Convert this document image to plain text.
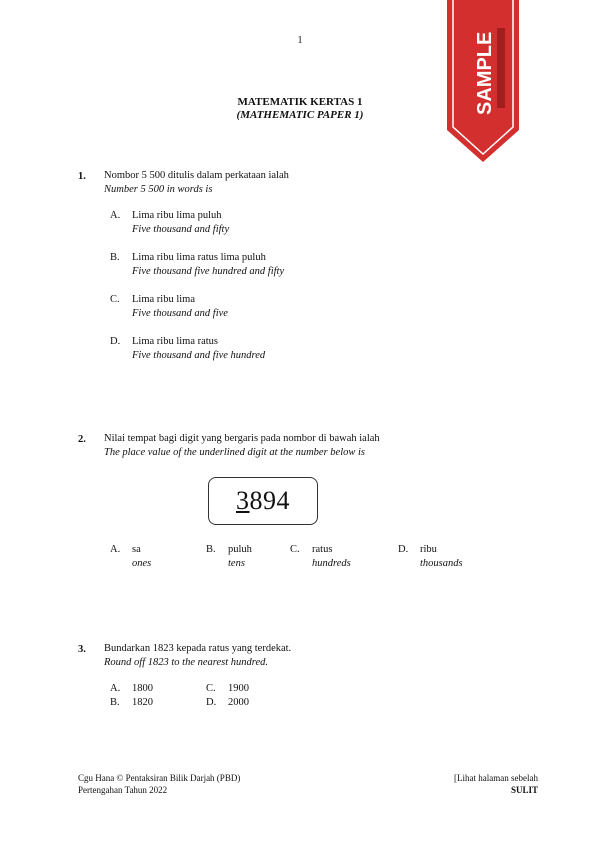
1	SAMPLE
MATEMATIK KERTAS 1
(MATHEMATIC PAPER 1)
1. Nombor 5 500 ditulis dalam perkataan ialah
Number 5 500 in words is
A. Lima ribu lima puluh
Five thousand and fifty
B. Lima ribu lima ratus lima puluh
Five thousand five hundred and fifty
C. Lima ribu lima
Five thousand and five
D. Lima ribu lima ratus
Five thousand and five hundred
2. Nilai tempat bagi digit yang bergaris pada nombor di bawah ialah
The place value of the underlined digit at the number below is
3 894
A. sa
ones
B. puluh
tens
C. ratus
hundreds
D. ribu
thousands
3. Bundarkan 1823 kepada ratus yang terdekat.
Round off 1823 to the nearest hundred.
A. 1800
B. 1820
C. 1900
D. 2000
Cgu Hana © Pentaksiran Bilik Darjah (PBD)
Pertengahan Tahun 2022
[Lihat halaman sebelah
SULIT
